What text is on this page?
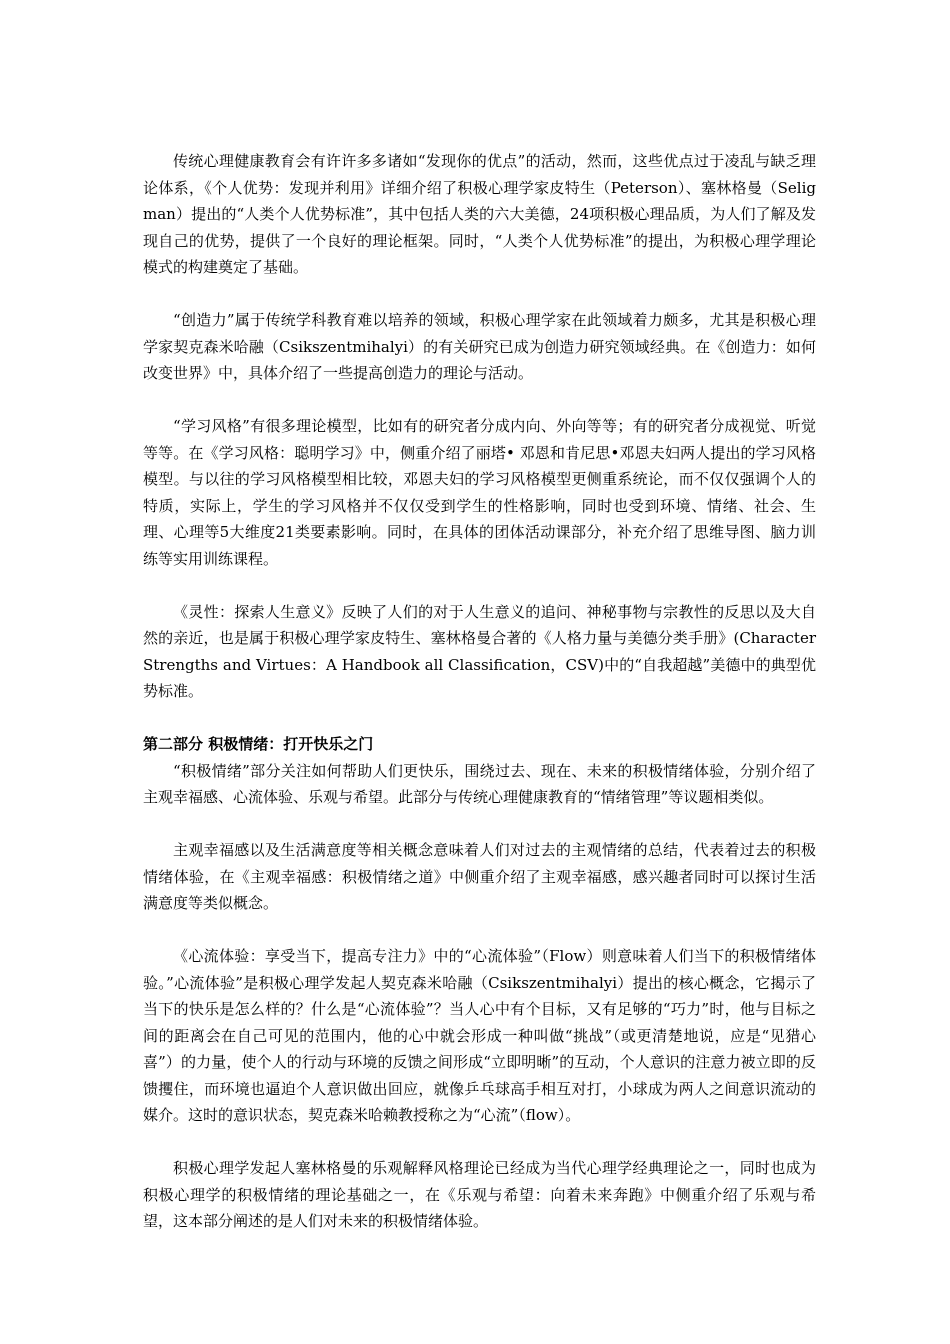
传统心理健康教育会有许许多多诸如“发现你的优点”的活动，然而，这些优点过于凌乱与缺乏理论体系，《个人优势：发现并利用》详细介绍了积极心理学家皮特生（Peterson）、塞林格曼（Seligman）提出的“人类个人优势标准”，其中包括人类的六大美德，24项积极心理品质，为人们了解及发现自己的优势，提供了一个良好的理论框架。同时，“人类个人优势标准”的提出，为积极心理学理论模式的构建奠定了基础。

“创造力”属于传统学科教育难以培养的领域，积极心理学家在此领域着力颇多，尤其是积极心理学家契克森米哈融（Csikszentmihalyi）的有关研究已成为创造力研究领域经典。在《创造力：如何改变世界》中，具体介绍了一些提高创造力的理论与活动。

“学习风格”有很多理论模型，比如有的研究者分成内向、外向等等；有的研究者分成视觉、听觉等等。在《学习风格：聪明学习》中，侧重介绍了丽塔• 邓恩和肯尼思•邓恩夫妇两人提出的学习风格模型。与以往的学习风格模型相比较，邓恩夫妇的学习风格模型更侧重系统论，而不仅仅强调个人的特质，实际上，学生的学习风格并不仅仅受到学生的性格影响，同时也受到环境、情绪、社会、生理、心理等5大维度21类要素影响。同时，在具体的团体活动课部分，补充介绍了思维导图、脑力训练等实用训练课程。

《灵性：探索人生意义》反映了人们的对于人生意义的追问、神秘事物与宗教性的反思以及大自然的亲近，也是属于积极心理学家皮特生、塞林格曼合著的《人格力量与美德分类手册》(Character Strengths and Virtues：A Handbook all Classification，CSV)中的“自我超越”美德中的典型优势标准。

第二部分 积极情绪：打开快乐之门

“积极情绪”部分关注如何帮助人们更快乐，围绕过去、现在、未来的积极情绪体验，分别介绍了主观幸福感、心流体验、乐观与希望。此部分与传统心理健康教育的“情绪管理”等议题相类似。

主观幸福感以及生活满意度等相关概念意味着人们对过去的主观情绪的总结，代表着过去的积极情绪体验，在《主观幸福感：积极情绪之道》中侧重介绍了主观幸福感，感兴趣者同时可以探讨生活满意度等类似概念。

《心流体验：享受当下，提高专注力》中的“心流体验”（Flow）则意味着人们当下的积极情绪体验。”心流体验”是积极心理学发起人契克森米哈融（Csikszentmihalyi）提出的核心概念，它揭示了当下的快乐是怎么样的？什么是“心流体验”？当人心中有个目标，又有足够的“巧力”时，他与目标之间的距离会在自己可见的范围内，他的心中就会形成一种叫做“挑战”（或更清楚地说，应是“见猎心喜”）的力量，使个人的行动与环境的反馈之间形成“立即明晰”的互动，个人意识的注意力被立即的反馈攫住，而环境也逼迫个人意识做出回应，就像乒乓球高手相互对打，小球成为两人之间意识流动的媒介。这时的意识状态，契克森米哈赖教授称之为“心流”（flow）。

积极心理学发起人塞林格曼的乐观解释风格理论已经成为当代心理学经典理论之一，同时也成为积极心理学的积极情绪的理论基础之一，在《乐观与希望：向着未来奔跑》中侧重介绍了乐观与希望，这本部分阐述的是人们对未来的积极情绪体验。
